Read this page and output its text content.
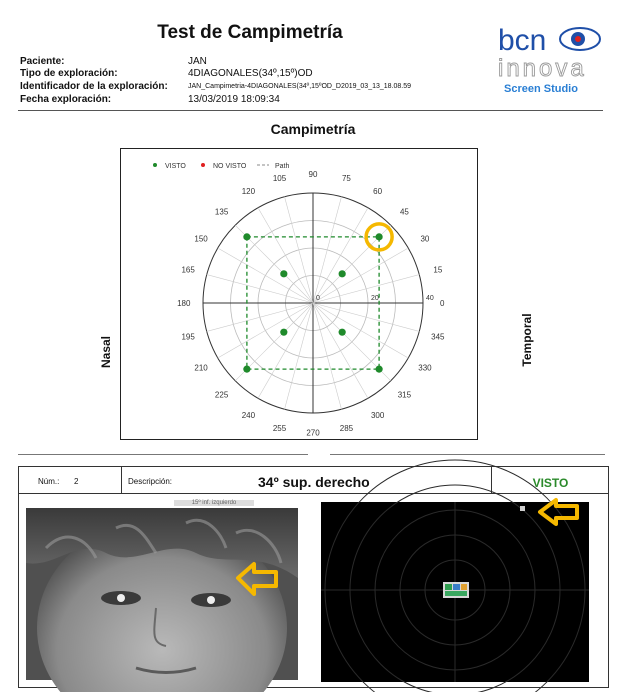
Test de Campimetría
Paciente:	JAN
Tipo de exploración:	4DIAGONALES(34º,15º)OD
Identificador de la exploración:	JAN_Campimetria-4DIAGONALES(34º,15ºOD_D2019_03_13_18.08.59
Fecha exploración:	13/03/2019 18:09:34
bcn
innova
Screen Studio
Campimetría
0
15
30
45
60
75
90
105
120
135
150
165
180
195
210
225
240
255	270	285
300
315
330
345
0	20	40
VISTO	NO VISTO	Path
Nasal	Temporal
Núm.: 2	Descripción:	34º sup. derecho	VISTO
15º inf. izquierdo
